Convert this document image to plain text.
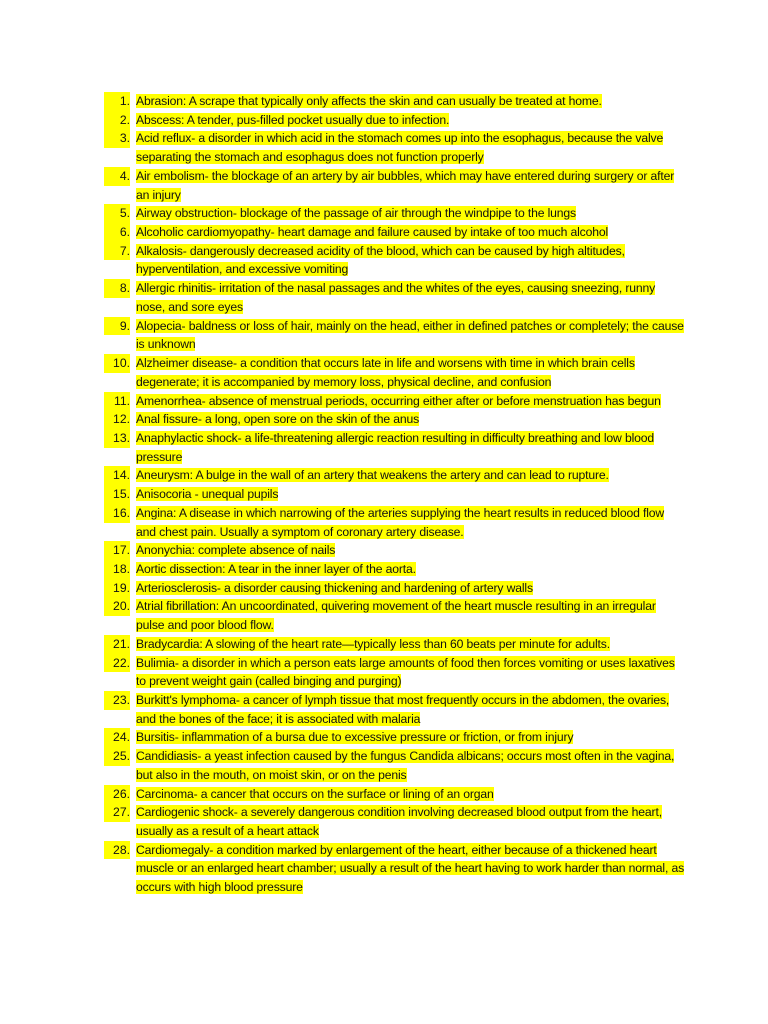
1. Abrasion: A scrape that typically only affects the skin and can usually be treated at home.
2. Abscess: A tender, pus-filled pocket usually due to infection.
3. Acid reflux- a disorder in which acid in the stomach comes up into the esophagus, because the valve separating the stomach and esophagus does not function properly
4. Air embolism- the blockage of an artery by air bubbles, which may have entered during surgery or after an injury
5. Airway obstruction- blockage of the passage of air through the windpipe to the lungs
6. Alcoholic cardiomyopathy- heart damage and failure caused by intake of too much alcohol
7. Alkalosis- dangerously decreased acidity of the blood, which can be caused by high altitudes, hyperventilation, and excessive vomiting
8. Allergic rhinitis- irritation of the nasal passages and the whites of the eyes, causing sneezing, runny nose, and sore eyes
9. Alopecia- baldness or loss of hair, mainly on the head, either in defined patches or completely; the cause is unknown
10. Alzheimer disease- a condition that occurs late in life and worsens with time in which brain cells degenerate; it is accompanied by memory loss, physical decline, and confusion
11. Amenorrhea- absence of menstrual periods, occurring either after or before menstruation has begun
12. Anal fissure- a long, open sore on the skin of the anus
13. Anaphylactic shock- a life-threatening allergic reaction resulting in difficulty breathing and low blood pressure
14. Aneurysm: A bulge in the wall of an artery that weakens the artery and can lead to rupture.
15. Anisocoria - unequal pupils
16. Angina: A disease in which narrowing of the arteries supplying the heart results in reduced blood flow and chest pain. Usually a symptom of coronary artery disease.
17. Anonychia: complete absence of nails
18. Aortic dissection: A tear in the inner layer of the aorta.
19. Arteriosclerosis- a disorder causing thickening and hardening of artery walls
20. Atrial fibrillation: An uncoordinated, quivering movement of the heart muscle resulting in an irregular pulse and poor blood flow.
21. Bradycardia: A slowing of the heart rate—typically less than 60 beats per minute for adults.
22. Bulimia- a disorder in which a person eats large amounts of food then forces vomiting or uses laxatives to prevent weight gain (called binging and purging)
23. Burkitt's lymphoma- a cancer of lymph tissue that most frequently occurs in the abdomen, the ovaries, and the bones of the face; it is associated with malaria
24. Bursitis- inflammation of a bursa due to excessive pressure or friction, or from injury
25. Candidiasis- a yeast infection caused by the fungus Candida albicans; occurs most often in the vagina, but also in the mouth, on moist skin, or on the penis
26. Carcinoma- a cancer that occurs on the surface or lining of an organ
27. Cardiogenic shock- a severely dangerous condition involving decreased blood output from the heart, usually as a result of a heart attack
28. Cardiomegaly- a condition marked by enlargement of the heart, either because of a thickened heart muscle or an enlarged heart chamber; usually a result of the heart having to work harder than normal, as occurs with high blood pressure
